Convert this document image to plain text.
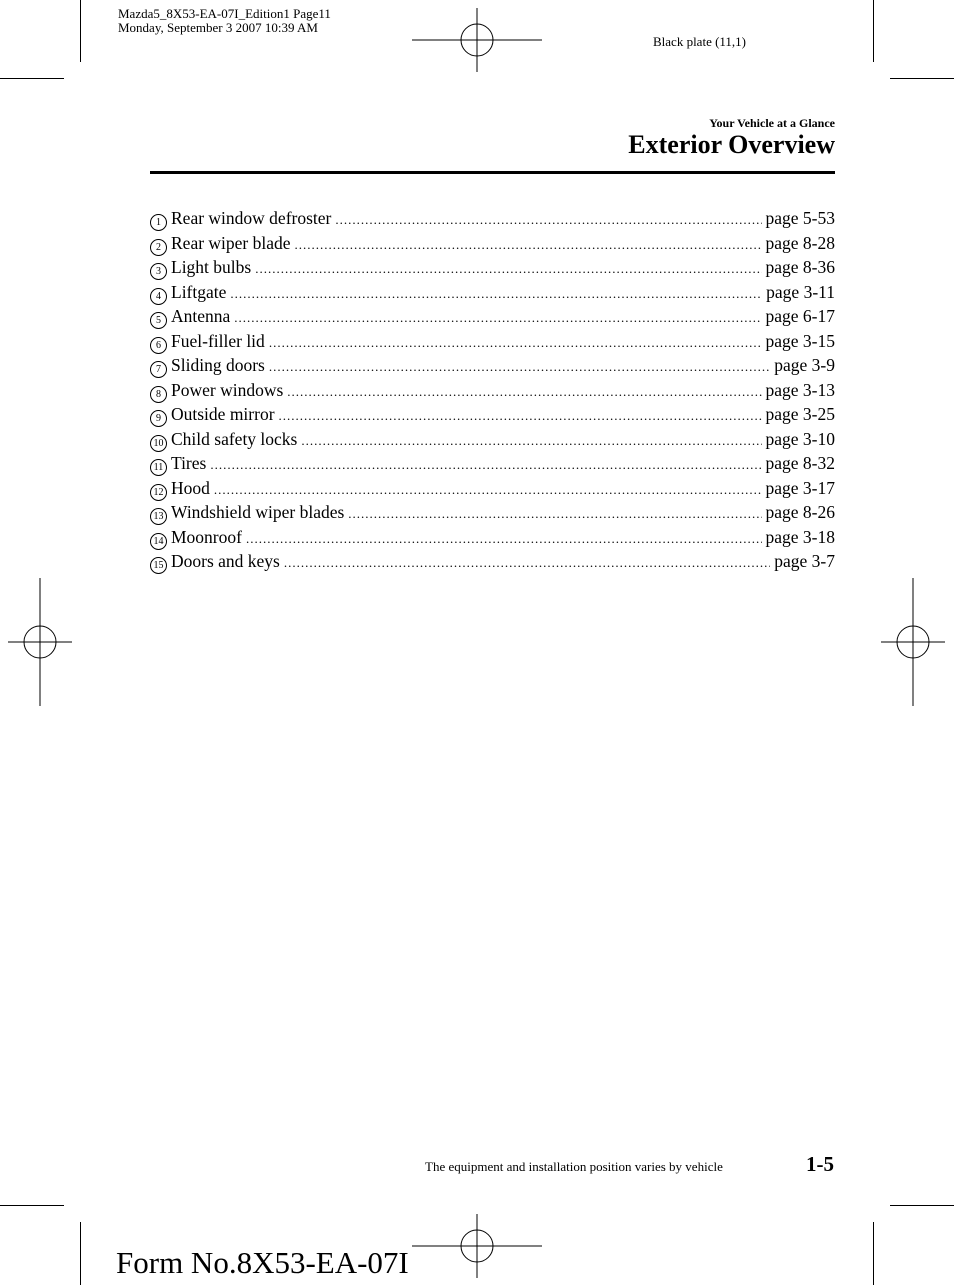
Mazda5_8X53-EA-07I_Edition1 Page11
Monday, September 3 2007 10:39 AM
Black plate (11,1)
Your Vehicle at a Glance
Exterior Overview
1 Rear window defroster .....	page 5-53
2 Rear wiper blade .....	page 8-28
3 Light bulbs .....	page 8-36
4 Liftgate .....	page 3-11
5 Antenna .....	page 6-17
6 Fuel-filler lid .....	page 3-15
7 Sliding doors .....	page 3-9
8 Power windows .....	page 3-13
9 Outside mirror .....	page 3-25
10 Child safety locks .....	page 3-10
11 Tires .....	page 8-32
12 Hood .....	page 3-17
13 Windshield wiper blades .....	page 8-26
14 Moonroof .....	page 3-18
15 Doors and keys .....	page 3-7
The equipment and installation position varies by vehicle	1-5
Form No.8X53-EA-07I
